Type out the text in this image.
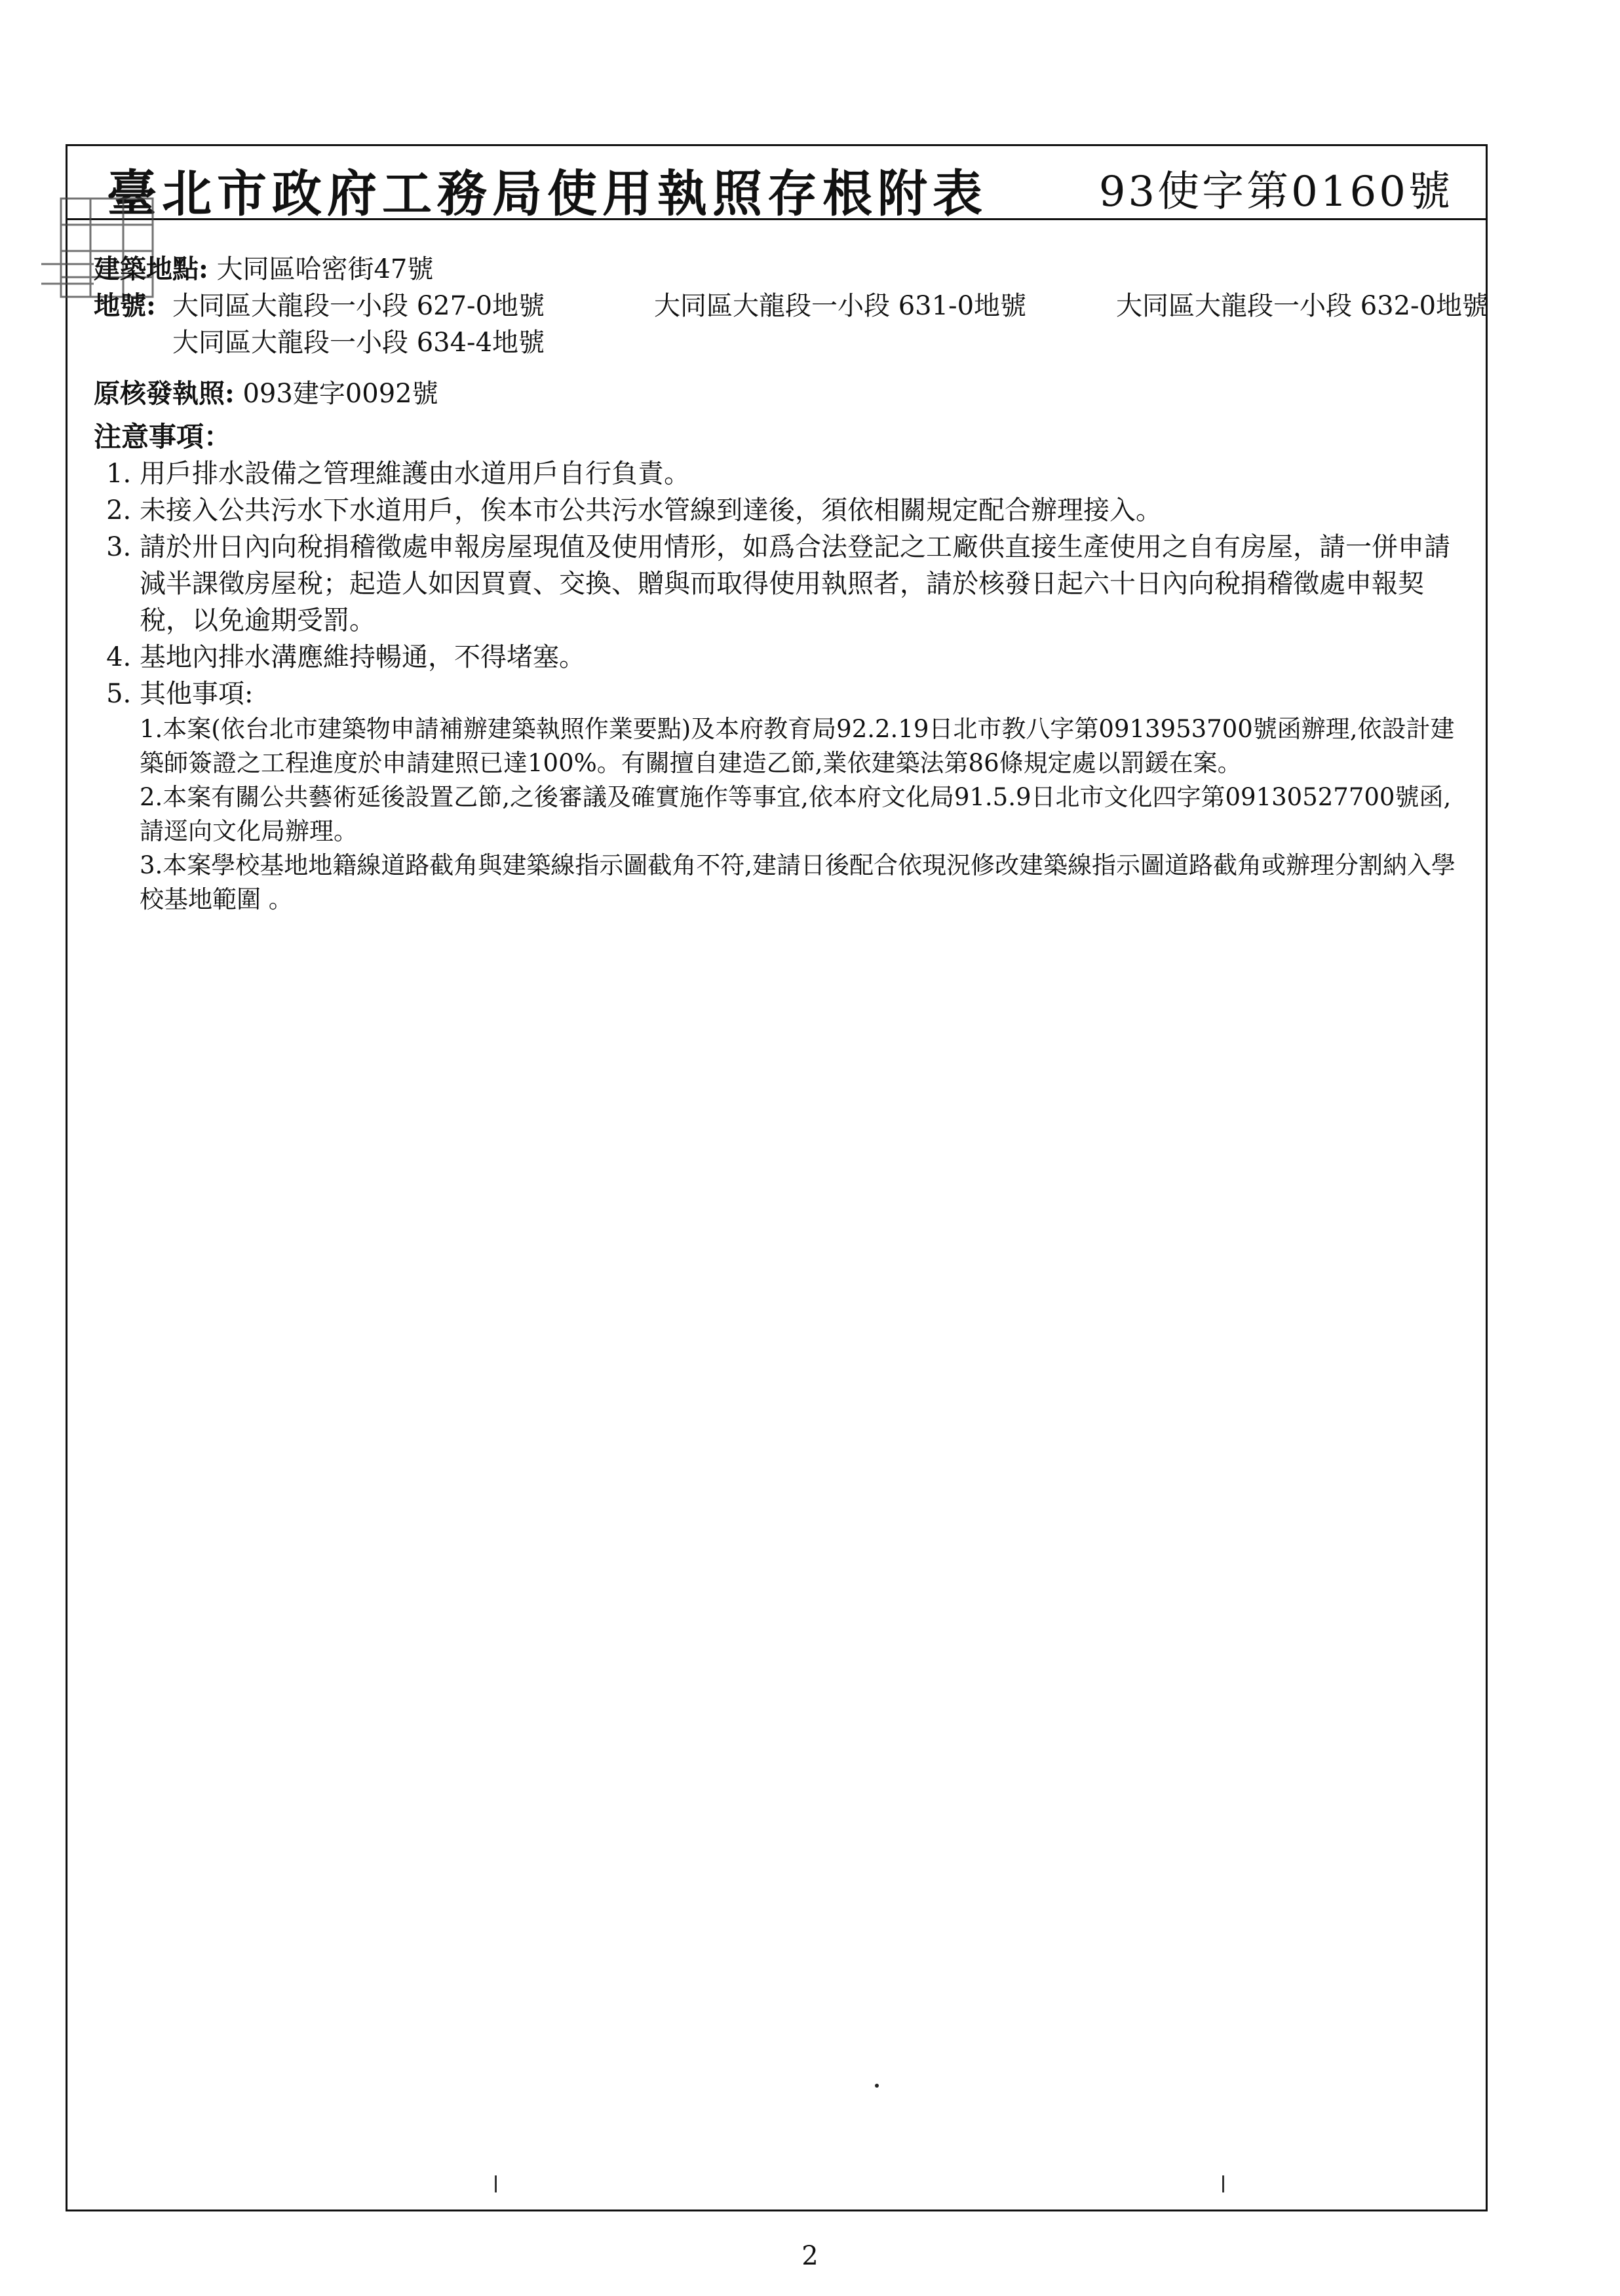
臺北市政府工務局使用執照存根附表	93使字第0160號
建築地點: 大同區哈密街47號
地號: 大同區大龍段一小段 627-0地號	大同區大龍段一小段 631-0地號	大同區大龍段一小段 632-0地號
大同區大龍段一小段 634-4地號
原核發執照: 093建字0092號
注意事項：
1. 用戶排水設備之管理維護由水道用戶自行負責。
2. 未接入公共污水下水道用戶，俟本市公共污水管線到達後，須依相關規定配合辦理接入。
3. 請於卅日內向稅捐稽徵處申報房屋現值及使用情形，如爲合法登記之工廠供直接生產使用之自有房屋，請一併申請減半課徵房屋稅；起造人如因買賣、交換、贈與而取得使用執照者，請於核發日起六十日內向稅捐稽徵處申報契稅，以免逾期受罰。
4. 基地內排水溝應維持暢通，不得堵塞。
5. 其他事項:
1.本案(依台北市建築物申請補辦建築執照作業要點)及本府教育局92.2.19日北市教八字第0913953700號函辦理,依設計建築師簽證之工程進度於申請建照已達100%。有關擅自建造乙節,業依建築法第86條規定處以罰鍰在案。
2.本案有關公共藝術延後設置乙節,之後審議及確實施作等事宜,依本府文化局91.5.9日北市文化四字第09130527700號函,請逕向文化局辦理。
3.本案學校基地地籍線道路截角與建築線指示圖截角不符,建請日後配合依現況修改建築線指示圖道路截角或辦理分割納入學校基地範圍 。
2
